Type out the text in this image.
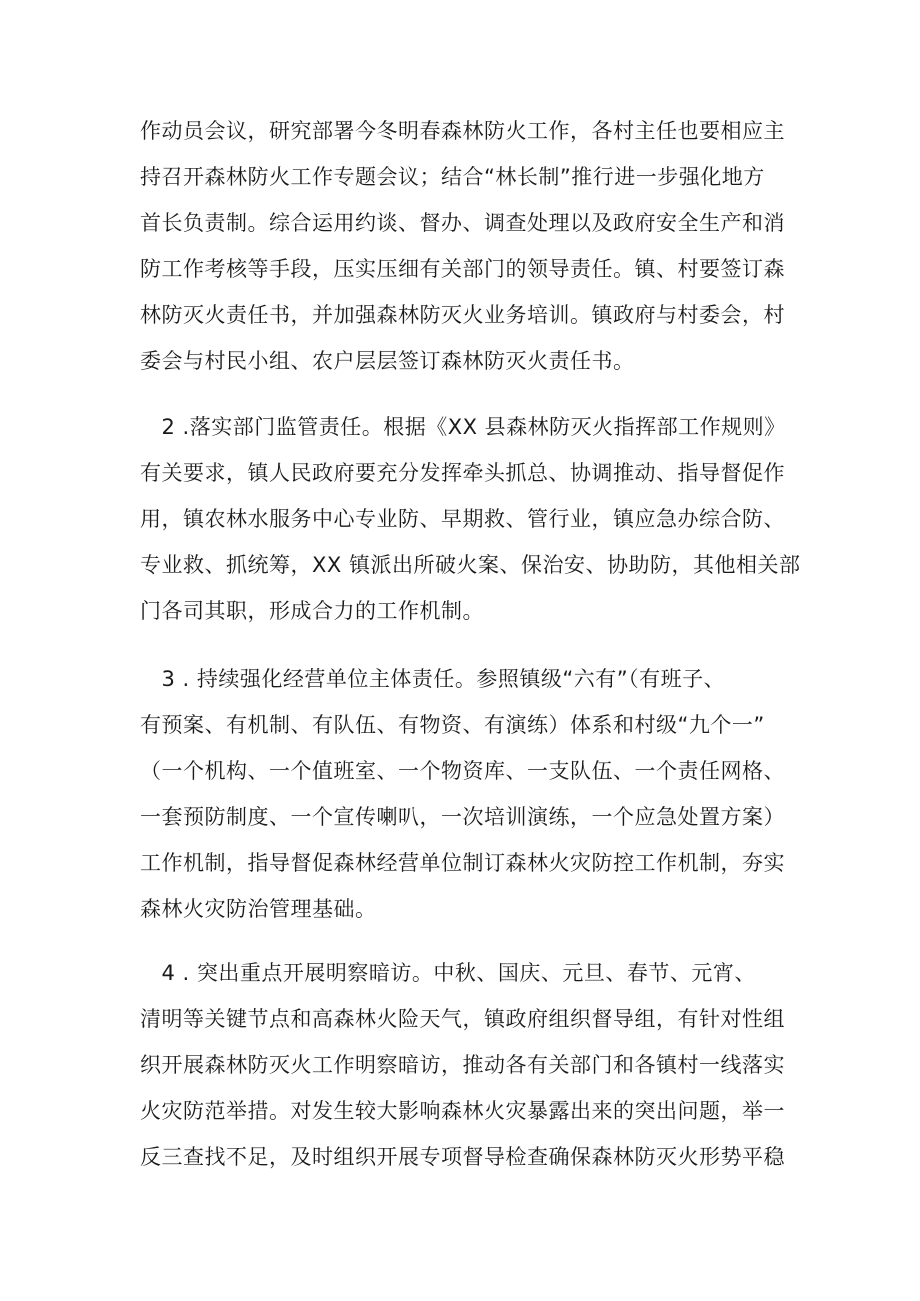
作动员会议，研究部署今冬明春森林防火工作，各村主任也要相应主
持召开森林防火工作专题会议；结合“林长制”推行进一步强化地方
首长负责制。综合运用约谈、督办、调查处理以及政府安全生产和消
防工作考核等手段，压实压细有关部门的领导责任。镇、村要签订森
林防灭火责任书，并加强森林防灭火业务培训。镇政府与村委会，村
委会与村民小组、农户层层签订森林防灭火责任书。

　2 .落实部门监管责任。根据《XX 县森林防灭火指挥部工作规则》
有关要求，镇人民政府要充分发挥牵头抓总、协调推动、指导督促作
用，镇农林水服务中心专业防、早期救、管行业，镇应急办综合防、
专业救、抓统筹，XX 镇派出所破火案、保治安、协助防，其他相关部
门各司其职，形成合力的工作机制。

　3 . 持续强化经营单位主体责任。参照镇级“六有”（有班子、
有预案、有机制、有队伍、有物资、有演练）体系和村级“九个一”
（一个机构、一个值班室、一个物资库、一支队伍、一个责任网格、
一套预防制度、一个宣传喇叭，一次培训演练，一个应急处置方案）
工作机制，指导督促森林经营单位制订森林火灾防控工作机制，夯实
森林火灾防治管理基础。

　4 . 突出重点开展明察暗访。中秋、国庆、元旦、春节、元宵、
清明等关键节点和高森林火险天气，镇政府组织督导组，有针对性组
织开展森林防灭火工作明察暗访，推动各有关部门和各镇村一线落实
火灾防范举措。对发生较大影响森林火灾暴露出来的突出问题，举一
反三查找不足，及时组织开展专项督导检查确保森林防灭火形势平稳
